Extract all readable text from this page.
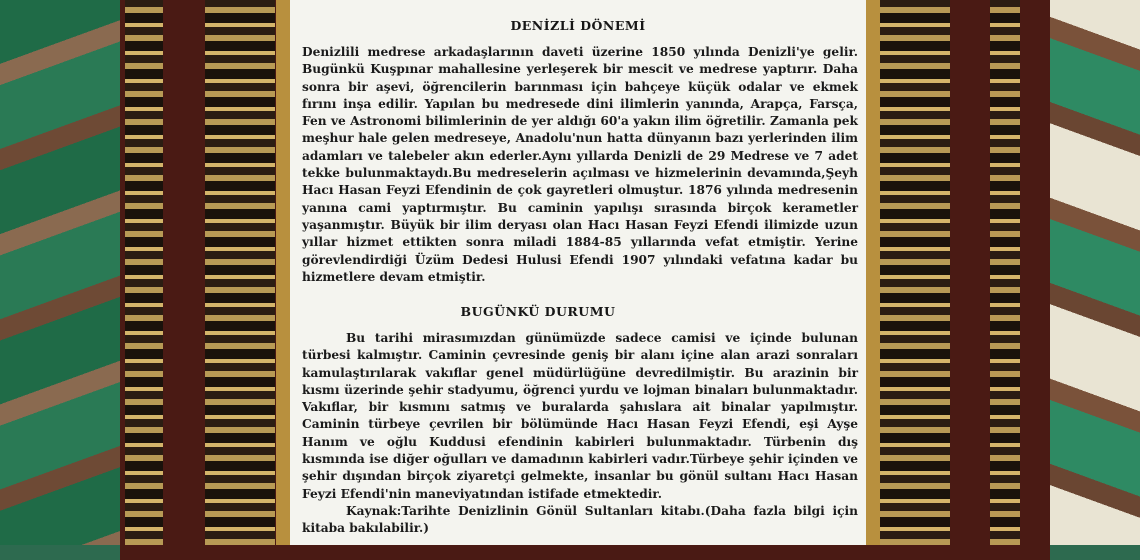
DENİZLİ DÖNEMİ
Denizlili medrese arkadaşlarının daveti üzerine 1850 yılında Denizli'ye gelir. Bugünkü Kuşpınar mahallesine yerleşerek bir mescit ve medrese yaptırır. Daha sonra bir aşevi, öğrencilerin barınması için bahçeye küçük odalar ve ekmek fırını inşa edilir. Yapılan bu medresede dini ilimlerin yanında, Arapça, Farsça, Fen ve Astronomi bilimlerinin de yer aldığı 60'a yakın ilim öğretilir. Zamanla pek meşhur hale gelen medreseye, Anadolu'nun hatta dünyanın bazı yerlerinden ilim adamları ve talebeler akın ederler.Aynı yıllarda Denizli de 29 Medrese ve 7 adet tekke bulunmaktaydı.Bu medreselerin açılması ve hizmelerinin devamında,Şeyh Hacı Hasan Feyzi Efendinin de çok gayretleri olmuştur. 1876 yılında medresenin yanına cami yaptırmıştır. Bu caminin yapılışı sırasında birçok kerametler yaşanmıştır. Büyük bir ilim deryası olan Hacı Hasan Feyzi Efendi ilimizde uzun yıllar hizmet ettikten sonra miladi 1884-85 yıllarında vefat etmiştir. Yerine görevlendirdiği Üzüm Dedesi Hulusi Efendi 1907 yılındaki vefatına kadar bu hizmetlere devam etmiştir.
BUGÜNKÜ DURUMU
Bu tarihi mirasımızdan günümüzde sadece camisi ve içinde bulunan türbesi kalmıştır. Caminin çevresinde geniş bir alanı içine alan arazi sonraları kamulaştırılarak vakıflar genel müdürlüğüne devredilmiştir. Bu arazinin bir kısmı üzerinde şehir stadyumu, öğrenci yurdu ve lojman binaları bulunmaktadır. Vakıflar, bir kısmını satmış ve buralarda şahıslara ait binalar yapılmıştır. Caminin türbeye çevrilen bir bölümünde Hacı Hasan Feyzi Efendi, eşi Ayşe Hanım ve oğlu Kuddusi efendinin kabirleri bulunmaktadır. Türbenin dış kısmında ise diğer oğulları ve damadının kabirleri vadır.Türbeye şehir içinden ve şehir dışından birçok ziyaretçi gelmekte, insanlar bu gönül sultanı Hacı Hasan Feyzi Efendi'nin maneviyatından istifade etmektedir.
Kaynak:Tarihte Denizlinin Gönül Sultanları kitabı.(Daha fazla bilgi için kitaba bakılabilir.)
